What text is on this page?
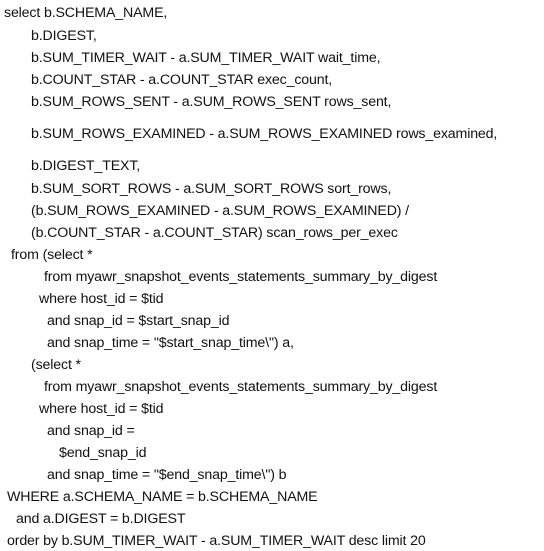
select b.SCHEMA_NAME,
b.DIGEST,
b.SUM_TIMER_WAIT - a.SUM_TIMER_WAIT wait_time,
b.COUNT_STAR - a.COUNT_STAR exec_count,
b.SUM_ROWS_SENT - a.SUM_ROWS_SENT rows_sent,
b.SUM_ROWS_EXAMINED - a.SUM_ROWS_EXAMINED rows_examined,
b.DIGEST_TEXT,
b.SUM_SORT_ROWS - a.SUM_SORT_ROWS sort_rows,
(b.SUM_ROWS_EXAMINED - a.SUM_ROWS_EXAMINED) /
(b.COUNT_STAR - a.COUNT_STAR) scan_rows_per_exec
from (select *
from myawr_snapshot_events_statements_summary_by_digest
where host_id = $tid
and snap_id = $start_snap_id
and snap_time = "$start_snap_time\") a,
(select *
from myawr_snapshot_events_statements_summary_by_digest
where host_id = $tid
and snap_id =
$end_snap_id
and snap_time = "$end_snap_time\") b
WHERE a.SCHEMA_NAME = b.SCHEMA_NAME
and a.DIGEST = b.DIGEST
order by b.SUM_TIMER_WAIT - a.SUM_TIMER_WAIT desc limit 20
